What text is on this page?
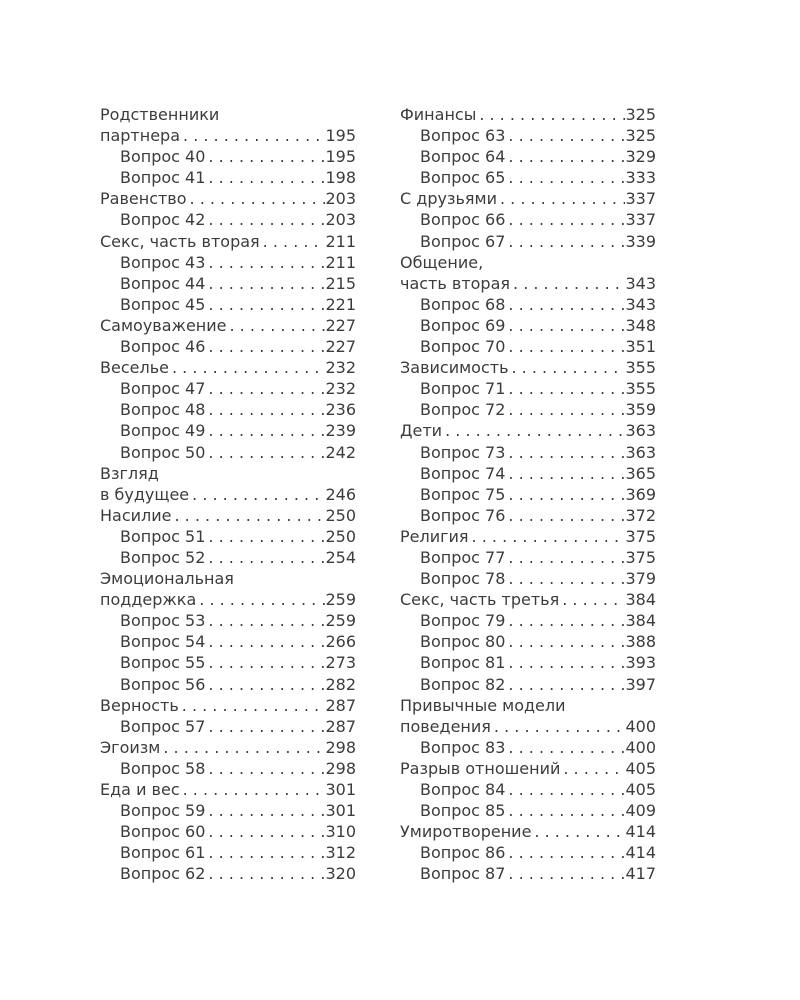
Родственники
партнера . . .	195
Вопрос 40 . . .	195
Вопрос 41 . . .	198
Равенство . . .	203
Вопрос 42 . . .	203
Секс, часть вторая . . .	211
Вопрос 43 . . .	211
Вопрос 44 . . .	215
Вопрос 45 . . .	221
Самоуважение . . .	227
Вопрос 46 . . .	227
Веселье . . .	232
Вопрос 47 . . .	232
Вопрос 48 . . .	236
Вопрос 49 . . .	239
Вопрос 50 . . .	242
Взгляд
в будущее . . .	246
Насилие . . .	250
Вопрос 51 . . .	250
Вопрос 52 . . .	254
Эмоциональная
поддержка . . .	259
Вопрос 53 . . .	259
Вопрос 54 . . .	266
Вопрос 55 . . .	273
Вопрос 56 . . .	282
Верность . . .	287
Вопрос 57 . . .	287
Эгоизм . . .	298
Вопрос 58 . . .	298
Еда и вес . . .	301
Вопрос 59 . . .	301
Вопрос 60 . . .	310
Вопрос 61 . . .	312
Вопрос 62 . . .	320
Финансы . . .	325
Вопрос 63 . . .	325
Вопрос 64 . . .	329
Вопрос 65 . . .	333
С друзьями . . .	337
Вопрос 66 . . .	337
Вопрос 67 . . .	339
Общение,
часть вторая . . .	343
Вопрос 68 . . .	343
Вопрос 69 . . .	348
Вопрос 70 . . .	351
Зависимость . . .	355
Вопрос 71 . . .	355
Вопрос 72 . . .	359
Дети . . .	363
Вопрос 73 . . .	363
Вопрос 74 . . .	365
Вопрос 75 . . .	369
Вопрос 76 . . .	372
Религия . . .	375
Вопрос 77 . . .	375
Вопрос 78 . . .	379
Секс, часть третья . . .	384
Вопрос 79 . . .	384
Вопрос 80 . . .	388
Вопрос 81 . . .	393
Вопрос 82 . . .	397
Привычные модели
поведения . . .	400
Вопрос 83 . . .	400
Разрыв отношений . . .	405
Вопрос 84 . . .	405
Вопрос 85 . . .	409
Умиротворение . . .	414
Вопрос 86 . . .	414
Вопрос 87 . . .	417
